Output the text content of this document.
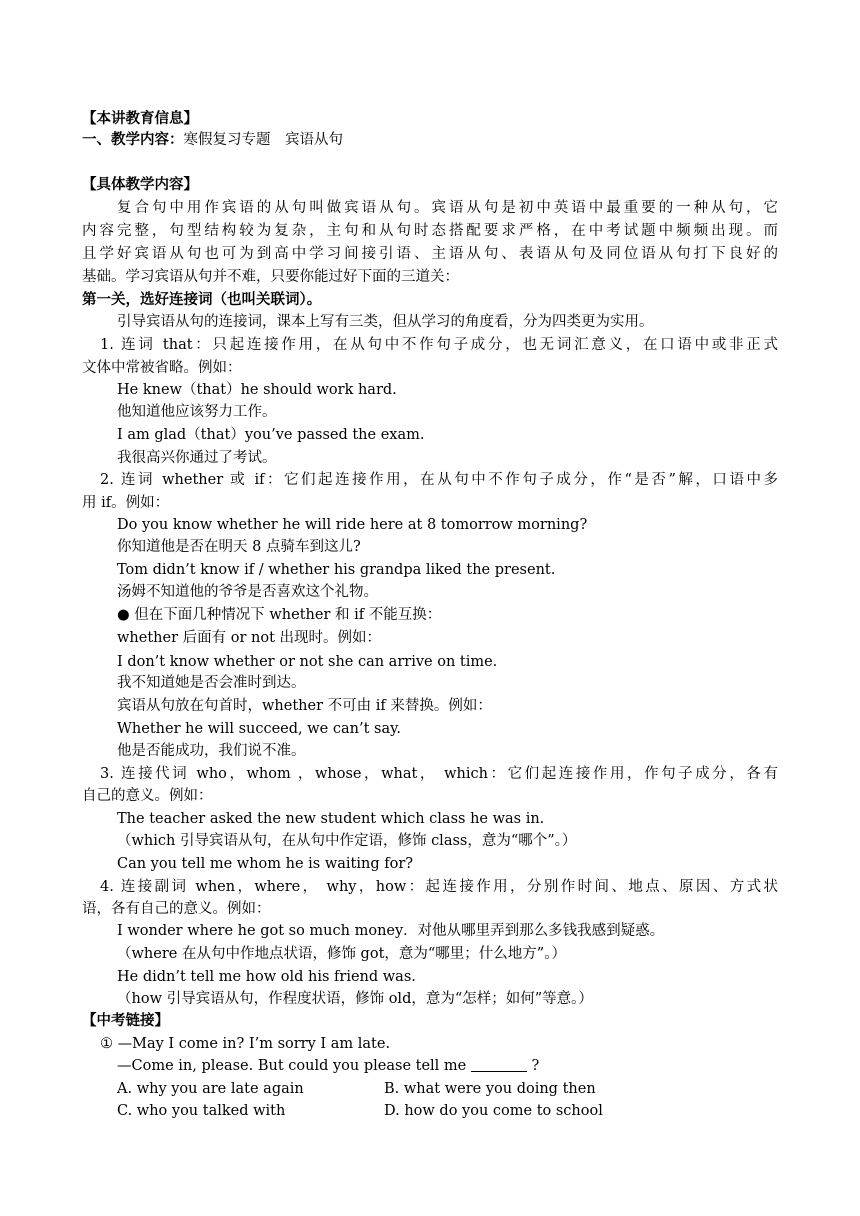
【本讲教育信息】
一、教学内容：寒假复习专题　宾语从句
【具体教学内容】
复合句中用作宾语的从句叫做宾语从句。宾语从句是初中英语中最重要的一种从句，它
内容完整，句型结构较为复杂，主句和从句时态搭配要求严格，在中考试题中频频出现。而
且学好宾语从句也可为到高中学习间接引语、主语从句、表语从句及同位语从句打下良好的
基础。学习宾语从句并不难，只要你能过好下面的三道关：
第一关，选好连接词（也叫关联词）。
引导宾语从句的连接词，课本上写有三类，但从学习的角度看，分为四类更为实用。
1. 连词 that：只起连接作用，在从句中不作句子成分，也无词汇意义，在口语中或非正式
文体中常被省略。例如：
He knew（that）he should work hard.
他知道他应该努力工作。
I am glad（that）you’ve passed the exam.
我很高兴你通过了考试。
2. 连词 whether 或 if：它们起连接作用，在从句中不作句子成分，作“是否”解，口语中多
用 if。例如：
Do you know whether he will ride here at 8 tomorrow morning?
你知道他是否在明天 8 点骑车到这儿?
Tom didn’t know if / whether his grandpa liked the present.
汤姆不知道他的爷爷是否喜欢这个礼物。
● 但在下面几种情况下 whether 和 if 不能互换：
whether 后面有 or not 出现时。例如：
I don’t know whether or not she can arrive on time.
我不知道她是否会准时到达。
宾语从句放在句首时，whether 不可由 if 来替换。例如：
Whether he will succeed, we can’t say.
他是否能成功，我们说不准。
3. 连接代词 who，whom ，whose，what， which：它们起连接作用，作句子成分，各有
自己的意义。例如：
The teacher asked the new student which class he was in.
（which 引导宾语从句，在从句中作定语，修饰 class，意为“哪个”。）
Can you tell me whom he is waiting for?
4. 连接副词 when，where， why，how：起连接作用，分别作时间、地点、原因、方式状
语，各有自己的意义。例如：
I wonder where he got so much money．对他从哪里弄到那么多钱我感到疑惑。
（where 在从句中作地点状语，修饰 got，意为“哪里；什么地方”。）
He didn’t tell me how old his friend was.
（how 引导宾语从句，作程度状语，修饰 old，意为“怎样；如何”等意。）
【中考链接】
① —May I come in? I’m sorry I am late.
—Come in, please. But could you please tell me	?
A. why you are late again	B. what were you doing then
C. who you talked with	D. how do you come to school
